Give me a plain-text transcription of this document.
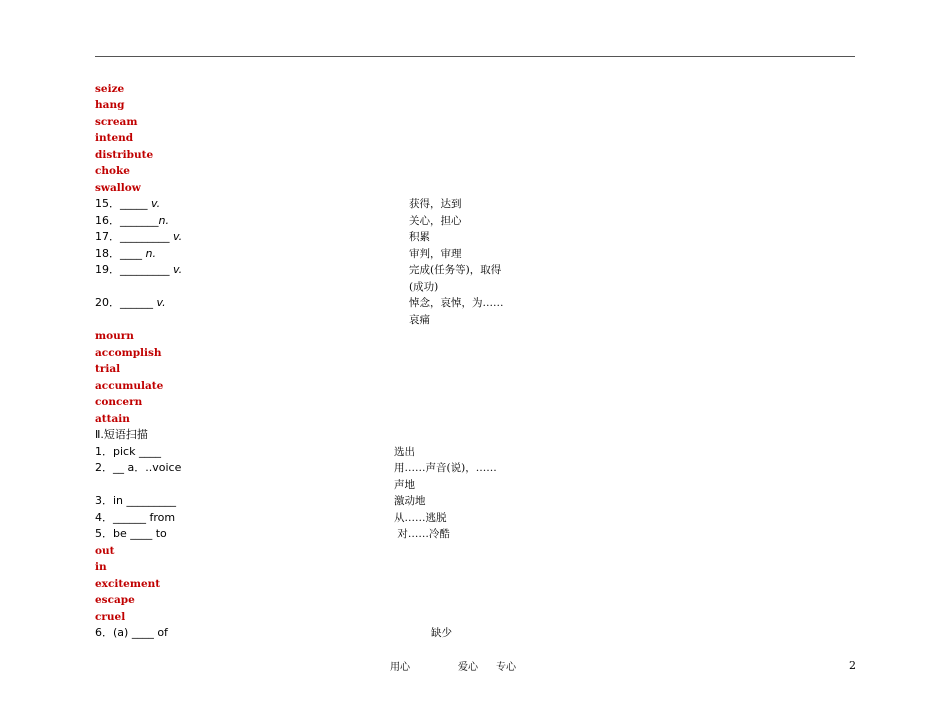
seize
hang
scream
intend
distribute
choke
swallow
15．_____ v.	获得，达到
16．_______n.	关心，担心
17．_________ v.	积累
18．____ n.	审判，审理
19．_________ v.	完成(任务等)，取得
(成功)
20．______ v.	悼念，哀悼，为……
哀痛
mourn
accomplish
trial
accumulate
concern
attain
Ⅱ.短语扫描
1．pick ____	选出
2．__ a．..voice	用……声音(说)，……
声地
3．in _________	激动地
4．______ from	从……逃脱
5．be ____ to	对……冷酷
out
in
excitement
escape
cruel
6．(a) ____ of	缺少
用心	爱心 专心	2
